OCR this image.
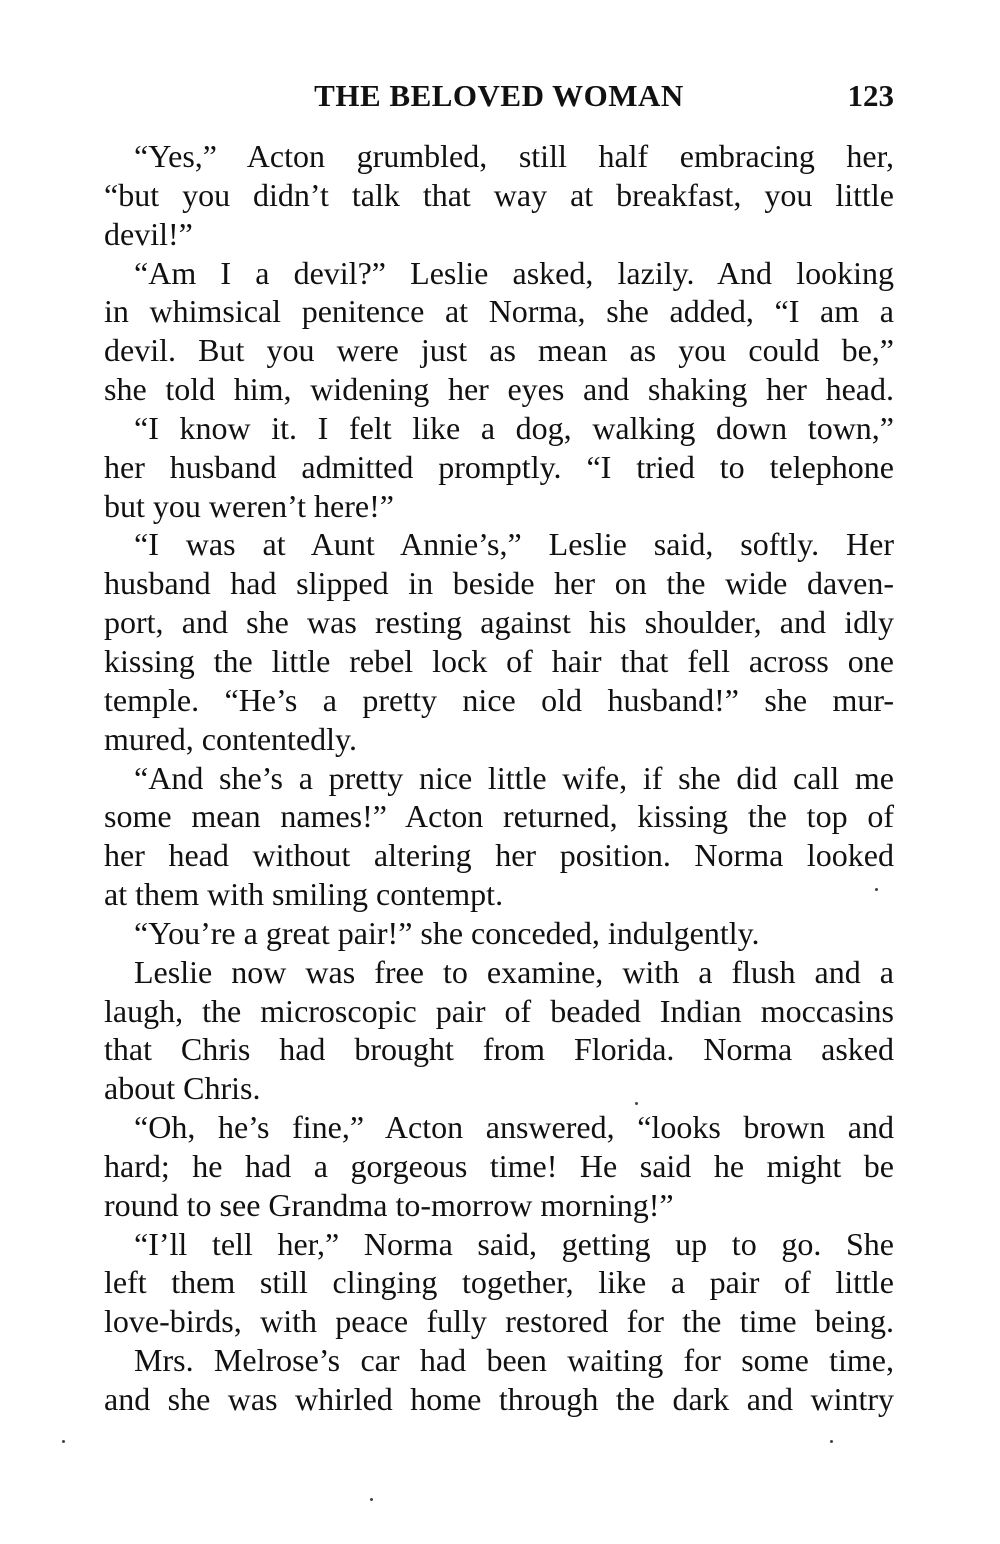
THE BELOVED WOMAN	123
“Yes,” Acton grumbled, still half embracing her,
“but you didn’t talk that way at breakfast, you little
devil!”
“Am I a devil?” Leslie asked, lazily. And looking
in whimsical penitence at Norma, she added, “I am a
devil. But you were just as mean as you could be,”
she told him, widening her eyes and shaking her head.
“I know it. I felt like a dog, walking down town,”
her husband admitted promptly. “I tried to telephone
but you weren’t here!”
“I was at Aunt Annie’s,” Leslie said, softly. Her
husband had slipped in beside her on the wide daven-
port, and she was resting against his shoulder, and idly
kissing the little rebel lock of hair that fell across one
temple. “He’s a pretty nice old husband!” she mur-
mured, contentedly.
“And she’s a pretty nice little wife, if she did call me
some mean names!” Acton returned, kissing the top of
her head without altering her position. Norma looked
at them with smiling contempt.
“You’re a great pair!” she conceded, indulgently.
Leslie now was free to examine, with a flush and a
laugh, the microscopic pair of beaded Indian moccasins
that Chris had brought from Florida. Norma asked
about Chris.
“Oh, he’s fine,” Acton answered, “looks brown and
hard; he had a gorgeous time! He said he might be
round to see Grandma to-morrow morning!”
“I’ll tell her,” Norma said, getting up to go. She
left them still clinging together, like a pair of little
love-birds, with peace fully restored for the time being.
Mrs. Melrose’s car had been waiting for some time,
and she was whirled home through the dark and wintry
